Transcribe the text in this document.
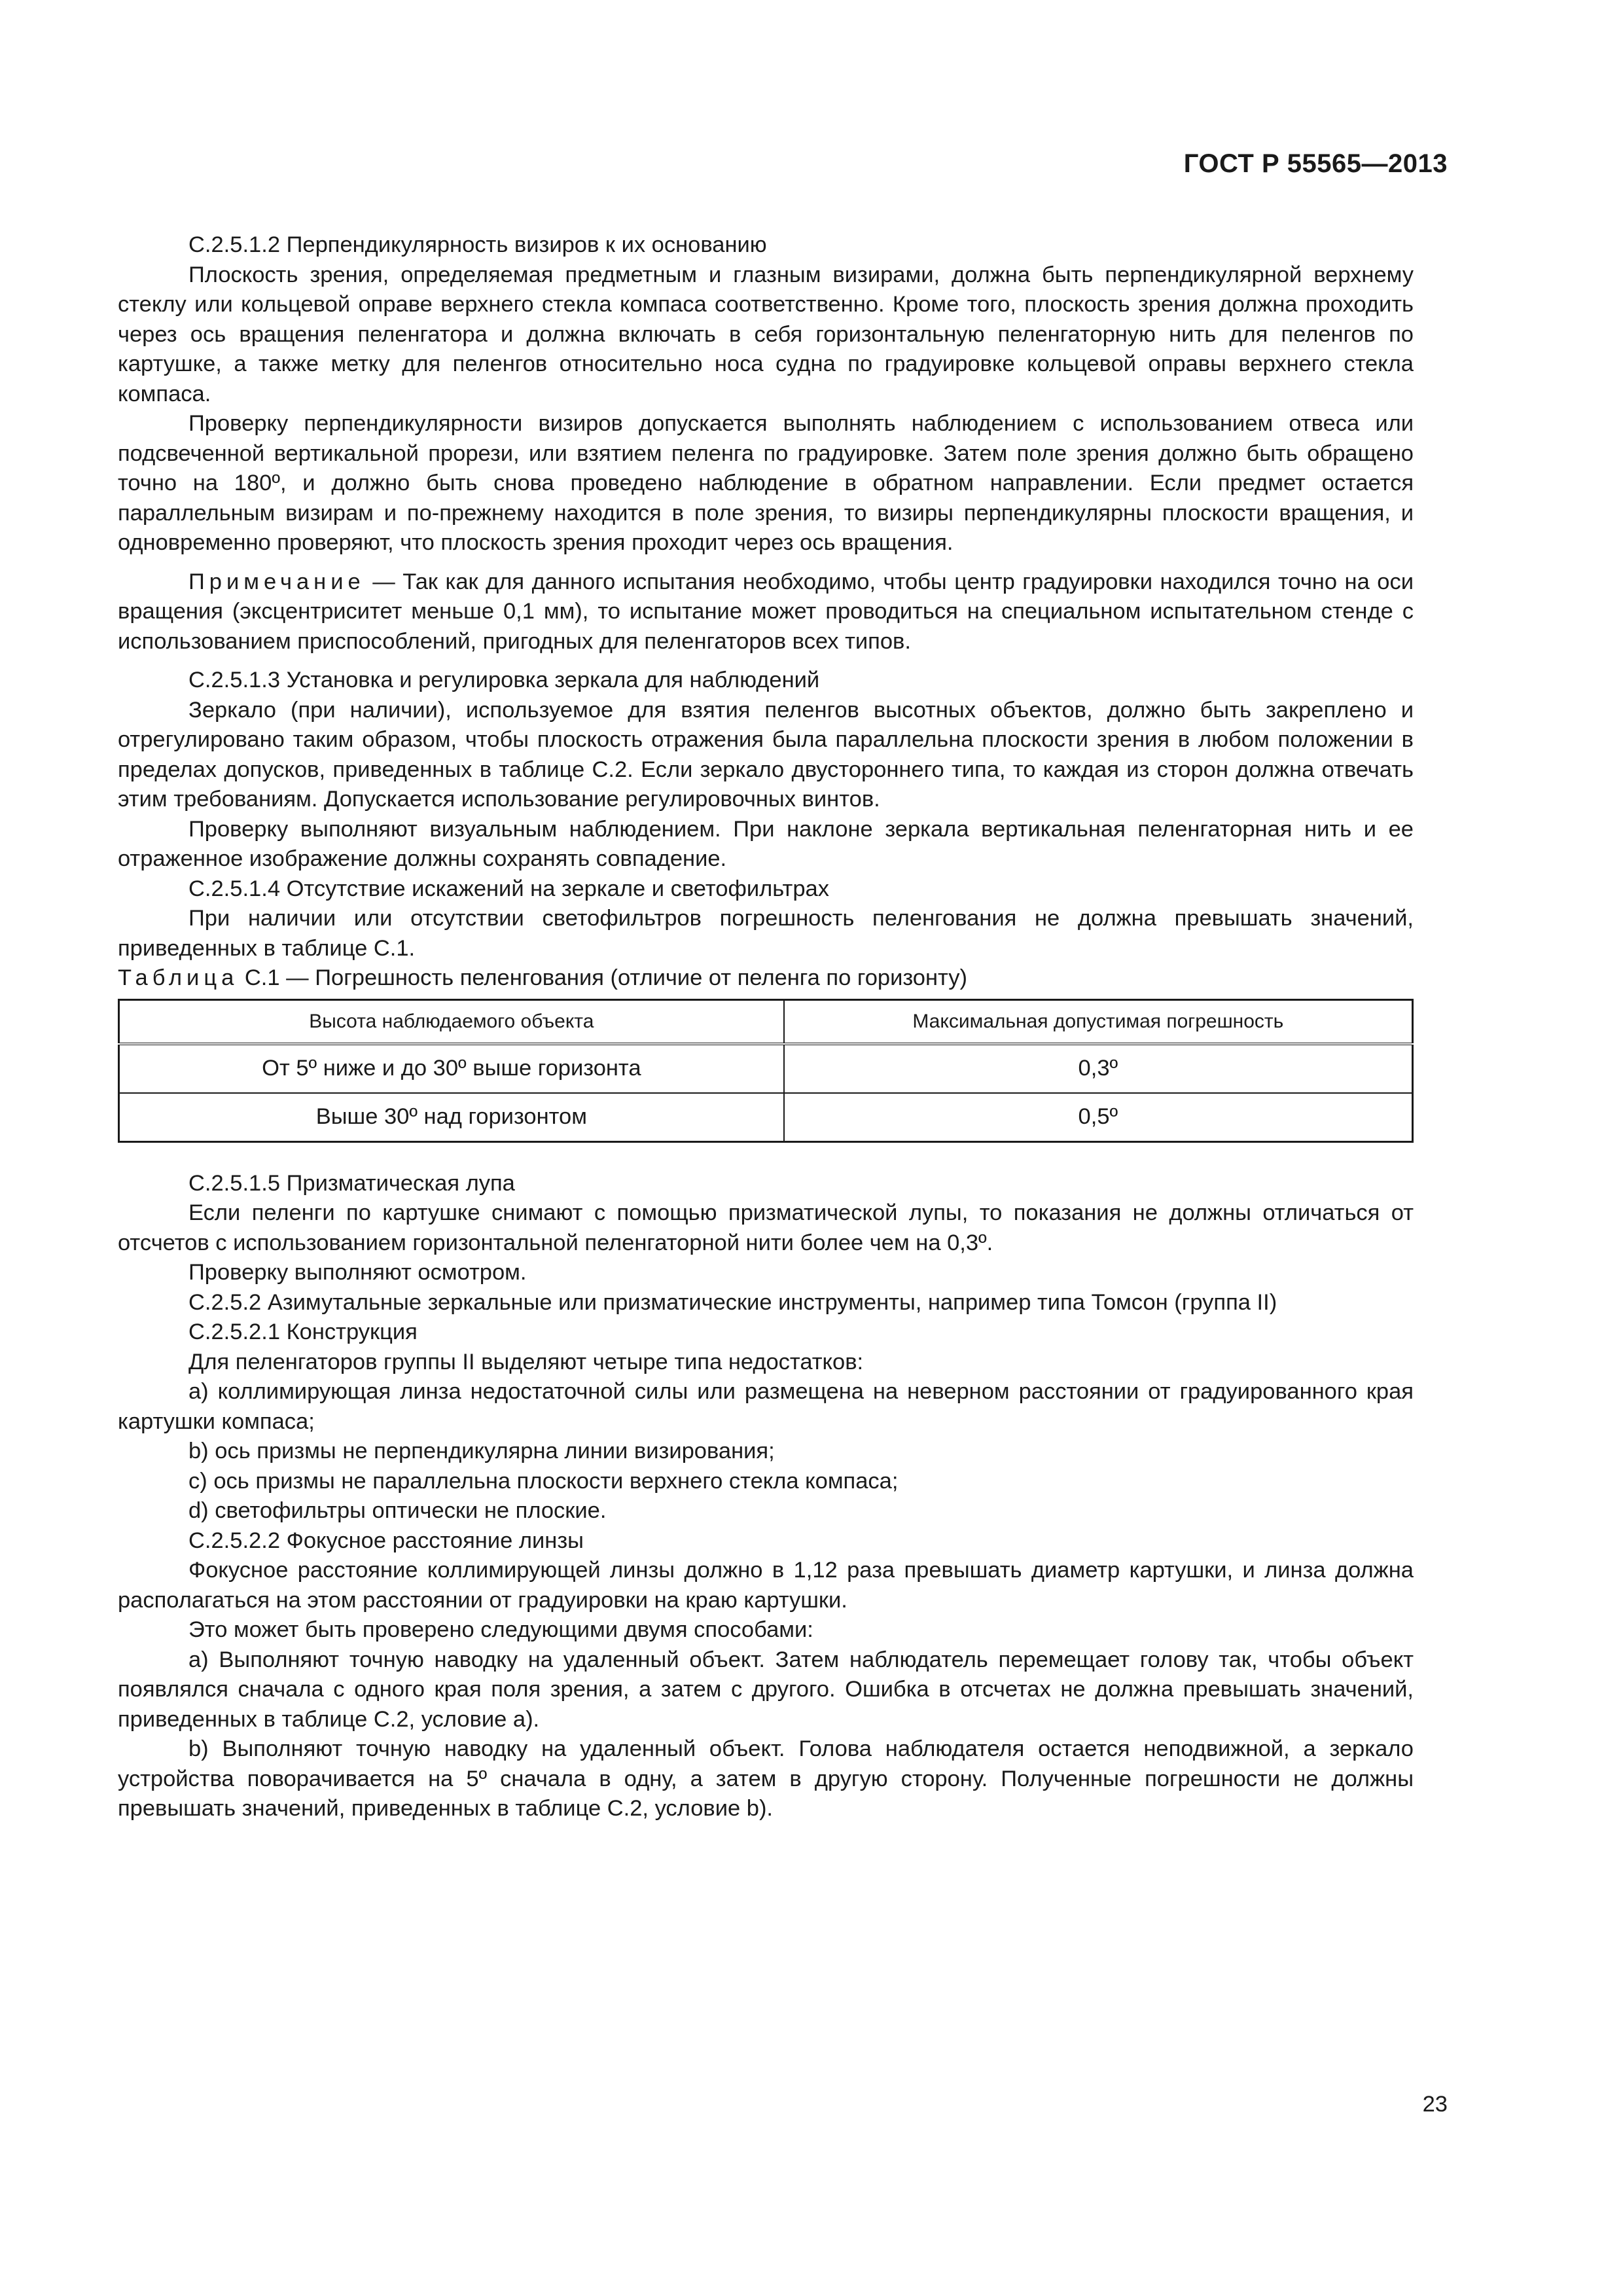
ГОСТ Р 55565—2013

С.2.5.1.2 Перпендикулярность визиров к их основанию

Плоскость зрения, определяемая предметным и глазным визирами, должна быть перпендикулярной верхнему стеклу или кольцевой оправе верхнего стекла компаса соответственно. Кроме того, плоскость зрения должна проходить через ось вращения пеленгатора и должна включать в себя горизонтальную пеленгаторную нить для пеленгов по картушке, а также метку для пеленгов относительно носа судна по градуировке кольцевой оправы верхнего стекла компаса.

Проверку перпендикулярности визиров допускается выполнять наблюдением с использованием отвеса или подсвеченной вертикальной прорези, или взятием пеленга по градуировке. Затем поле зрения должно быть обращено точно на 180º, и должно быть снова проведено наблюдение в обратном направлении. Если предмет остается параллельным визирам и по-прежнему находится в поле зрения, то визиры перпендикулярны плоскости вращения, и одновременно проверяют, что плоскость зрения проходит через ось вращения.

Примечание — Так как для данного испытания необходимо, чтобы центр градуировки находился точно на оси вращения (эксцентриситет меньше 0,1 мм), то испытание может проводиться на специальном испытательном стенде с использованием приспособлений, пригодных для пеленгаторов всех типов.

С.2.5.1.3 Установка и регулировка зеркала для наблюдений

Зеркало (при наличии), используемое для взятия пеленгов высотных объектов, должно быть закреплено и отрегулировано таким образом, чтобы плоскость отражения была параллельна плоскости зрения в любом положении в пределах допусков, приведенных в таблице С.2. Если зеркало двустороннего типа, то каждая из сторон должна отвечать этим требованиям. Допускается использование регулировочных винтов.

Проверку выполняют визуальным наблюдением. При наклоне зеркала вертикальная пеленгаторная нить и ее отраженное изображение должны сохранять совпадение.

С.2.5.1.4 Отсутствие искажений на зеркале и светофильтрах

При наличии или отсутствии светофильтров погрешность пеленгования не должна превышать значений, приведенных в таблице С.1.

Таблица С.1 — Погрешность пеленгования (отличие от пеленга по горизонту)

Высота наблюдаемого объекта	Максимальная допустимая погрешность
От 5º ниже и до 30º выше горизонта	0,3º
Выше 30º над горизонтом	0,5º

С.2.5.1.5 Призматическая лупа

Если пеленги по картушке снимают с помощью призматической лупы, то показания не должны отличаться от отсчетов с использованием горизонтальной пеленгаторной нити более чем на 0,3º.

Проверку выполняют осмотром.

С.2.5.2 Азимутальные зеркальные или призматические инструменты, например типа Томсон (группа II)

С.2.5.2.1 Конструкция

Для пеленгаторов группы II выделяют четыре типа недостатков:

а) коллимирующая линза недостаточной силы или размещена на неверном расстоянии от градуированного края картушки компаса;

b) ось призмы не перпендикулярна линии визирования;

c) ось призмы не параллельна плоскости верхнего стекла компаса;

d) светофильтры оптически не плоские.

С.2.5.2.2 Фокусное расстояние линзы

Фокусное расстояние коллимирующей линзы должно в 1,12 раза превышать диаметр картушки, и линза должна располагаться на этом расстоянии от градуировки на краю картушки.

Это может быть проверено следующими двумя способами:

а) Выполняют точную наводку на удаленный объект. Затем наблюдатель перемещает голову так, чтобы объект появлялся сначала с одного края поля зрения, а затем с другого. Ошибка в отсчетах не должна превышать значений, приведенных в таблице С.2, условие а).

b) Выполняют точную наводку на удаленный объект. Голова наблюдателя остается неподвижной, а зеркало устройства поворачивается на 5º сначала в одну, а затем в другую сторону. Полученные погрешности не должны превышать значений, приведенных в таблице С.2, условие b).

23
